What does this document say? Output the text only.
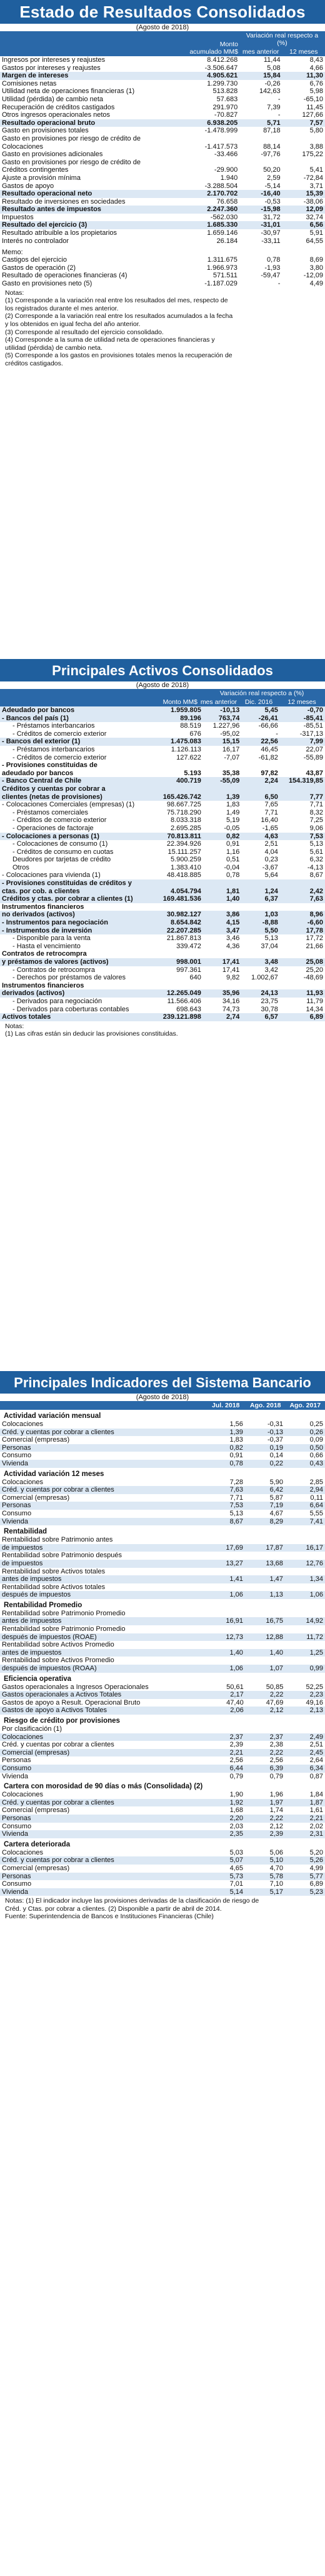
Estado de Resultados Consolidados
(Agosto de 2018)
	Monto acumulado MM$	Variación real respecto a (%)	
		mes anterior	12 meses
Ingresos por intereses y reajustes	8.412.268	11,44	8,43
Gastos por intereses y reajustes	-3.506.647	5,08	4,66
Margen de intereses	4.905.621	15,84	11,30
Comisiones netas	1.299.730	-0,26	6,76
Utilidad neta de operaciones financieras (1)	513.828	142,63	5,98
Utilidad (pérdida) de cambio neta	57.683	-	-65,10
Recuperación de créditos castigados	291.970	7,39	11,45
Otros ingresos operacionales netos	-70.827	-	127,66

Resultado operacional bruto	6.938.205	5,71	7,57
Gasto en provisiones totales	-1.478.999	87,18	5,80
Gasto en provisiones por riesgo de crédito de			
Colocaciones	-1.417.573	88,14	3,88
Gasto en provisiones adicionales	-33.466	-97,76	175,22
Gasto en provisiones por riesgo de crédito de			
Créditos contingentes	-29.900	50,20	5,41
Ajuste a provisión mínima	1.940	2,59	-72,84
Gastos de apoyo	-3.288.504	-5,14	3,71
Resultado operacional neto	2.170.702	-16,40	15,39
Resultado de inversiones en sociedades	76.658	-0,53	-38,06
Resultado antes de impuestos	2.247.360	-15,98	12,09
Impuestos	-562.030	31,72	32,74
Resultado del ejercicio (3)	1.685.330	-31,01	6,56

Resultado atribuible a los propietarios	1.659.146	-30,97	5,91

Interés no controlador	26.184	-33,11	64,55
Memo:
Castigos del ejercicio	1.311.675	0,78	8,69
Gastos de operación (2)	1.966.973	-1,93	3,80
Resultado de operaciones financieras (4)	571.511	-59,47	-12,09
Gasto en provisiones neto (5)	-1.187.029	-	4,49
Notas:
(1) Corresponde a la variación real entre los resultados del mes, respecto de
los registrados durante el mes anterior.
(2) Corresponde a la variación real entre los resultados acumulados a la fecha
y los obtenidos en igual fecha del año anterior.
(3) Corresponde al resultado del ejercicio consolidado.
(4) Corresponde a la suma de utilidad neta de operaciones financieras y
utilidad (pérdida) de cambio neta.
(5) Corresponde a los gastos en provisiones totales menos la recuperación de
créditos castigados.
Principales Activos Consolidados
(Agosto de 2018)
	Monto MM$	Variación real respecto a (%)		
		mes anterior	Dic. 2016	12 meses
Adeudado por bancos	1.959.805	-10,13	5,45	-0,70
- Bancos del país (1)	89.196	763,74	-26,41	-85,41
- Préstamos interbancarios	88.519	1.227,96	-66,66	-85,51
- Créditos de comercio exterior	676	-95,02	-	-317,13

- Bancos del exterior (1)	1.475.083	15,15	22,56	7,99
- Préstamos interbancarios	1.126.113	16,17	46,45	22,07
- Créditos de comercio exterior	127.622	-7,07	-61,82	-55,89

- Provisiones constituidas de				
adeudado por bancos	5.193	35,38	97,82	43,87

- Banco Central de Chile	400.719	-55,09	2,24	154.319,85

Créditos y cuentas por cobrar a				
clientes (netas de provisiones)	165.426.742	1,39	6,50	7,77
- Colocaciones Comerciales (empresas) (1)	98.667.725	1,83	7,65	7,71
- Préstamos comerciales	75.718.290	1,49	7,71	8,32
- Créditos de comercio exterior	8.033.318	5,19	16,40	7,25
- Operaciones de factoraje	2.695.285	-0,05	-1,65	9,06

- Colocaciones a personas (1)	70.813.811	0,82	4,63	7,53
- Colocaciones de consumo (1)	22.394.926	0,91	2,51	5,13
- Créditos de consumo en cuotas	15.111.257	1,16	4,04	5,61
Deudores por tarjetas de crédito	5.900.259	0,51	0,23	6,32
Otros	1.383.410	-0,04	-3,67	-4,13
- Colocaciones para vivienda (1)	48.418.885	0,78	5,64	8,67

- Provisiones constituidas de créditos y				
ctas. por cob. a clientes	4.054.794	1,81	1,24	2,42
Créditos y ctas. por cobrar a clientes (1)	169.481.536	1,40	6,37	7,63
Instrumentos financieros				
no derivados (activos)	30.982.127	3,86	1,03	8,96
- Instrumentos para negociación	8.654.842	4,15	-8,88	-6,60
- Instrumentos de inversión	22.207.285	3,47	5,50	17,78
- Disponible para la venta	21.867.813	3,46	5,13	17,72
- Hasta el vencimiento	339.472	4,36	37,04	21,66
Contratos de retrocompra				
y préstamos de valores (activos)	998.001	17,41	3,48	25,08
- Contratos de retrocompra	997.361	17,41	3,42	25,20
- Derechos por préstamos de valores	640	9,82	1.002,67	-48,69
Instrumentos financieros				
derivados (activos)	12.265.049	35,96	24,13	11,93
- Derivados para negociación	11.566.406	34,16	23,75	11,79
- Derivados para coberturas contables	698.643	74,73	30,78	14,34

Activos totales	239.121.898	2,74	6,57	6,89
Notas:
(1) Las cifras están sin deducir las provisiones constituidas.
Principales Indicadores del Sistema Bancario
(Agosto de 2018)
	Jul. 2018	Ago. 2018	Ago. 2017
Actividad variación mensual
Colocaciones	1,56	-0,31	0,25
Créd. y cuentas por cobrar a clientes	1,39	-0,13	0,26
Comercial (empresas)	1,83	-0,37	0,09
Personas	0,82	0,19	0,50
Consumo	0,91	0,14	0,66
Vivienda	0,78	0,22	0,43
Actividad variación 12 meses
Colocaciones	7,28	5,90	2,85
Créd. y cuentas por cobrar a clientes	7,63	6,42	2,94
Comercial (empresas)	7,71	5,87	0,11
Personas	7,53	7,19	6,64
Consumo	5,13	4,67	5,55
Vivienda	8,67	8,29	7,41
Rentabilidad
Rentabilidad sobre Patrimonio antes			
de impuestos	17,69	17,87	16,17
Rentabilidad sobre Patrimonio después			
de impuestos	13,27	13,68	12,76
Rentabilidad sobre Activos totales			
antes de impuestos	1,41	1,47	1,34
Rentabilidad sobre Activos totales			
después de impuestos	1,06	1,13	1,06
Rentabilidad Promedio
Rentabilidad sobre Patrimonio Promedio			
antes de impuestos	16,91	16,75	14,92
Rentabilidad sobre Patrimonio Promedio			
después de impuestos (ROAE)	12,73	12,88	11,72
Rentabilidad sobre Activos Promedio			
antes de impuestos	1,40	1,40	1,25
Rentabilidad sobre Activos Promedio			
después de impuestos (ROAA)	1,06	1,07	0,99
Eficiencia operativa
Gastos operacionales a Ingresos Operacionales	50,61	50,85	52,25
Gastos operacionales a Activos Totales	2,17	2,22	2,23
Gastos de apoyo a Result. Operacional Bruto	47,40	47,69	49,16
Gastos de apoyo a Activos Totales	2,06	2,12	2,13
Riesgo de crédito por provisiones
Por clasificación (1)			
Colocaciones	2,37	2,37	2,49
Créd. y cuentas por cobrar a clientes	2,39	2,38	2,51
Comercial (empresas)	2,21	2,22	2,45
Personas	2,56	2,56	2,64
Consumo	6,44	6,39	6,34
Vivienda	0,79	0,79	0,87
Cartera con morosidad de 90 días o más (Consolidada) (2)
Colocaciones	1,90	1,96	1,84
Créd. y cuentas por cobrar a clientes	1,92	1,97	1,87
Comercial (empresas)	1,68	1,74	1,61
Personas	2,20	2,22	2,21
Consumo	2,03	2,12	2,02
Vivienda	2,35	2,39	2,31
Cartera deteriorada
Colocaciones	5,03	5,06	5,20
Créd. y cuentas por cobrar a clientes	5,07	5,10	5,26
Comercial (empresas)	4,65	4,70	4,99
Personas	5,73	5,78	5,77
Consumo	7,01	7,10	6,89
Vivienda	5,14	5,17	5,23
Notas: (1) El indicador incluye las provisiones derivadas de la clasificación de riesgo de
Créd. y Ctas. por cobrar a clientes. (2) Disponible a partir de abril de 2014.
Fuente: Superintendencia de Bancos e Instituciones Financieras (Chile)
